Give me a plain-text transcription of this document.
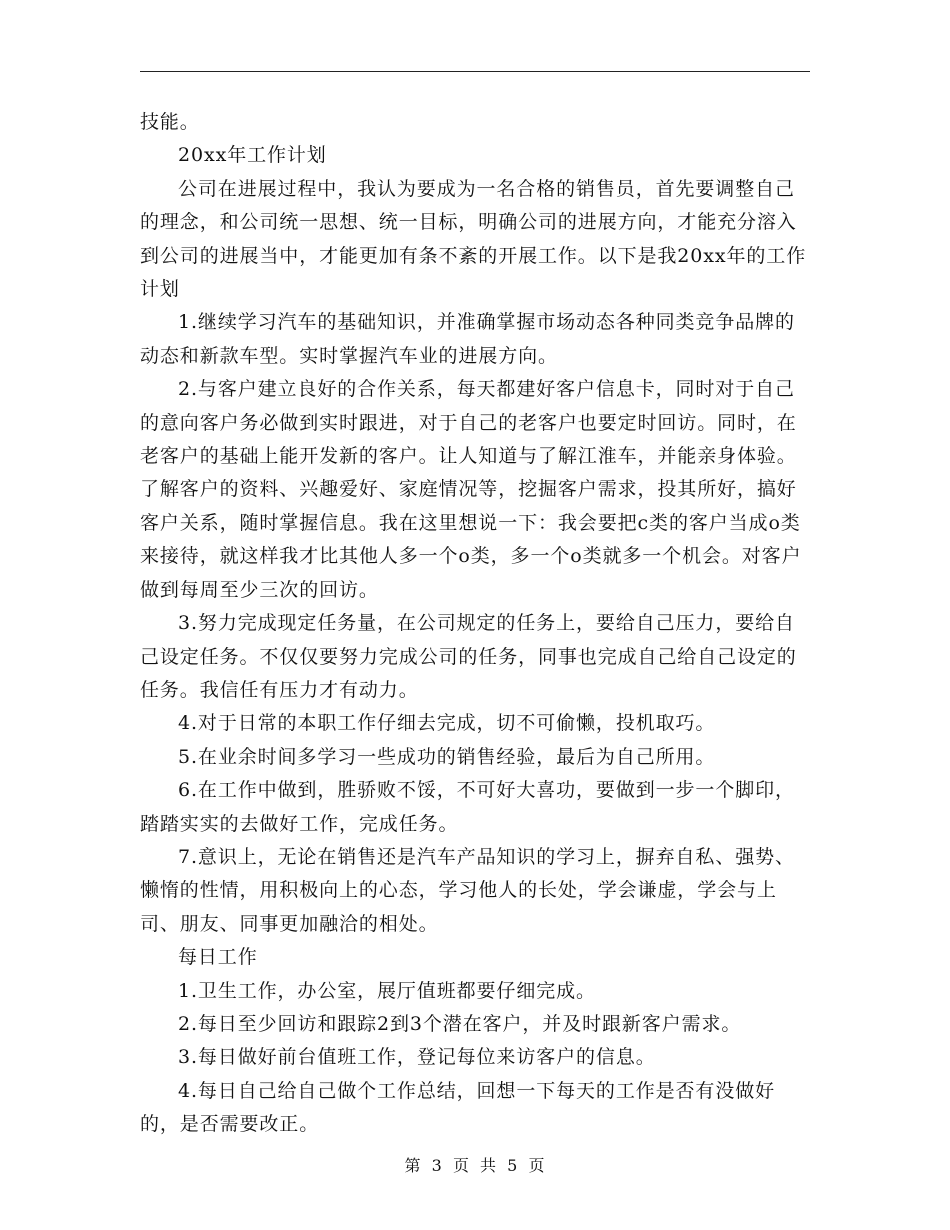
技能。

20xx年工作计划

公司在进展过程中，我认为要成为一名合格的销售员，首先要调整自己的理念，和公司统一思想、统一目标，明确公司的进展方向，才能充分溶入到公司的进展当中，才能更加有条不紊的开展工作。以下是我20xx年的工作计划

1.继续学习汽车的基础知识，并准确掌握市场动态各种同类竞争品牌的动态和新款车型。实时掌握汽车业的进展方向。

2.与客户建立良好的合作关系，每天都建好客户信息卡，同时对于自己的意向客户务必做到实时跟进，对于自己的老客户也要定时回访。同时，在老客户的基础上能开发新的客户。让人知道与了解江淮车，并能亲身体验。了解客户的资料、兴趣爱好、家庭情况等，挖掘客户需求，投其所好，搞好客户关系，随时掌握信息。我在这里想说一下：我会要把c类的客户当成o类来接待，就这样我才比其他人多一个o类，多一个o类就多一个机会。对客户做到每周至少三次的回访。

3.努力完成现定任务量，在公司规定的任务上，要给自己压力，要给自己设定任务。不仅仅要努力完成公司的任务，同事也完成自己给自己设定的任务。我信任有压力才有动力。

4.对于日常的本职工作仔细去完成，切不可偷懒，投机取巧。

5.在业余时间多学习一些成功的销售经验，最后为自己所用。

6.在工作中做到，胜骄败不馁，不可好大喜功，要做到一步一个脚印，踏踏实实的去做好工作，完成任务。

7.意识上，无论在销售还是汽车产品知识的学习上，摒弃自私、强势、懒惰的性情，用积极向上的心态，学习他人的长处，学会谦虚，学会与上司、朋友、同事更加融洽的相处。

每日工作

1.卫生工作，办公室，展厅值班都要仔细完成。

2.每日至少回访和跟踪2到3个潜在客户，并及时跟新客户需求。

3.每日做好前台值班工作，登记每位来访客户的信息。

4.每日自己给自己做个工作总结，回想一下每天的工作是否有没做好的，是否需要改正。

第 3 页 共 5 页
